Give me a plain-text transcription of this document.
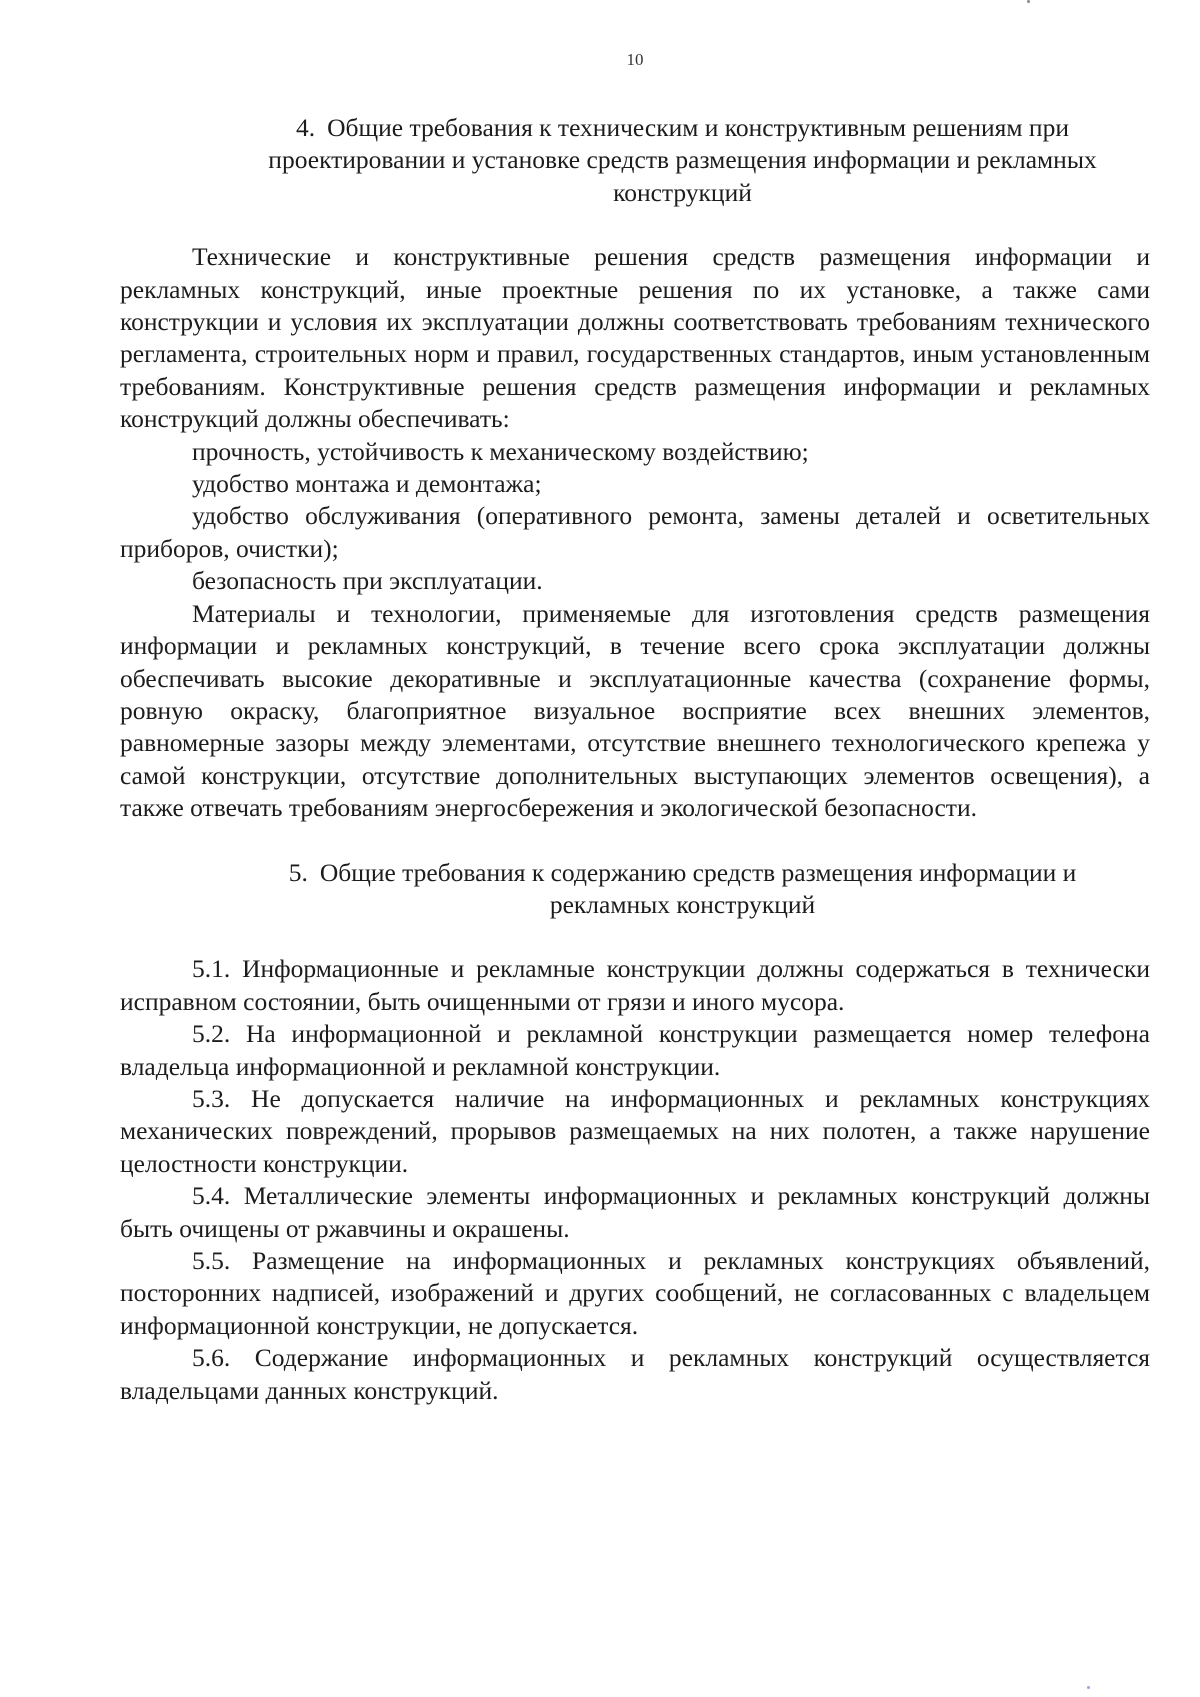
10
4. Общие требования к техническим и конструктивным решениям при
проектировании и установке средств размещения информации и рекламных
конструкций

Технические и конструктивные решения средств размещения информации и рекламных конструкций, иные проектные решения по их установке, а также сами конструкции и условия их эксплуатации должны соответствовать требованиям технического регламента, строительных норм и правил, государственных стандартов, иным установленным требованиям. Конструктивные решения средств размещения информации и рекламных конструкций должны обеспечивать:

прочность, устойчивость к механическому воздействию;

удобство монтажа и демонтажа;

удобство обслуживания (оперативного ремонта, замены деталей и осветительных приборов, очистки);

безопасность при эксплуатации.

Материалы и технологии, применяемые для изготовления средств размещения информации и рекламных конструкций, в течение всего срока эксплуатации должны обеспечивать высокие декоративные и эксплуатационные качества (сохранение формы, ровную окраску, благоприятное визуальное восприятие всех внешних элементов, равномерные зазоры между элементами, отсутствие внешнего технологического крепежа у самой конструкции, отсутствие дополнительных выступающих элементов освещения), а также отвечать требованиям энергосбережения и экологической безопасности.

5. Общие требования к содержанию средств размещения информации и
рекламных конструкций

5.1. Информационные и рекламные конструкции должны содержаться в технически исправном состоянии, быть очищенными от грязи и иного мусора.

5.2. На информационной и рекламной конструкции размещается номер телефона владельца информационной и рекламной конструкции.

5.3. Не допускается наличие на информационных и рекламных конструкциях механических повреждений, прорывов размещаемых на них полотен, а также нарушение целостности конструкции.

5.4. Металлические элементы информационных и рекламных конструкций должны быть очищены от ржавчины и окрашены.

5.5. Размещение на информационных и рекламных конструкциях объявлений, посторонних надписей, изображений и других сообщений, не согласованных с владельцем информационной конструкции, не допускается.

5.6. Содержание информационных и рекламных конструкций осуществляется владельцами данных конструкций.
